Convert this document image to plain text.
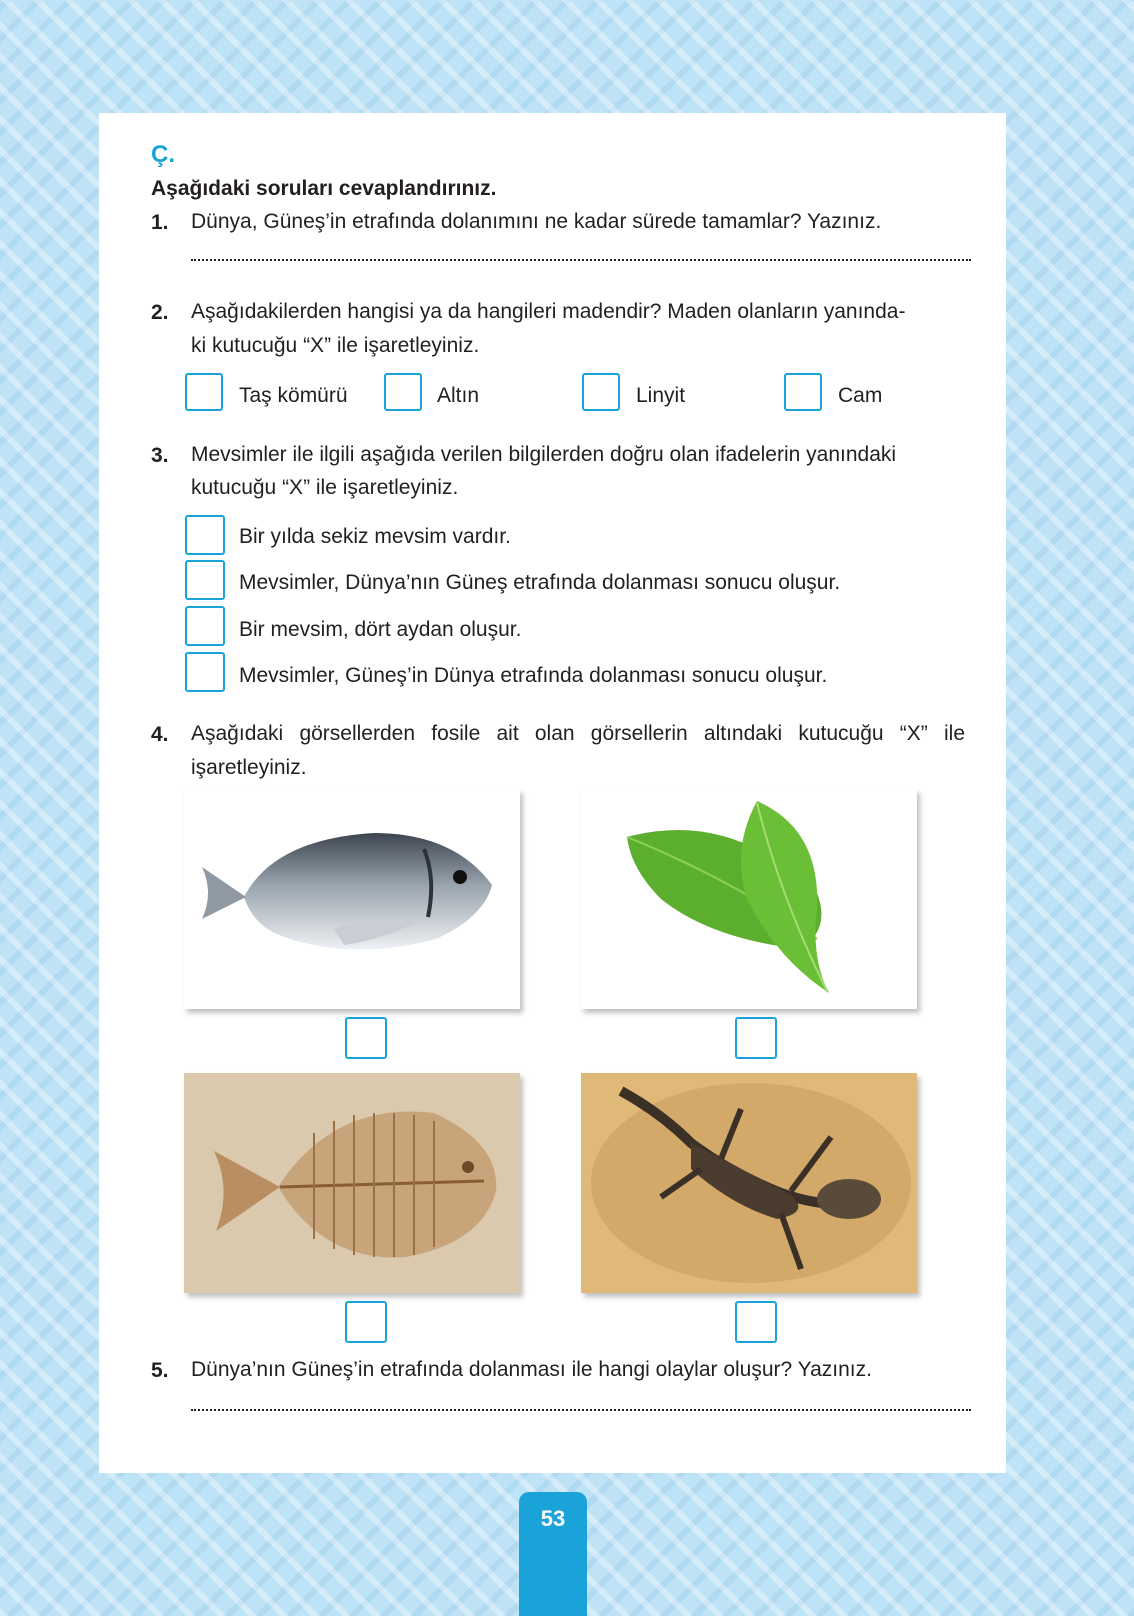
Ç.
Aşağıdaki soruları cevaplandırınız.
1. Dünya, Güneş’in etrafında dolanımını ne kadar sürede tamamlar? Yazınız.
2. Aşağıdakilerden hangisi ya da hangileri madendir? Maden olanların yanında-
ki kutucuğu “X” ile işaretleyiniz.
Taş kömürü	Altın	Linyit	Cam
3. Mevsimler ile ilgili aşağıda verilen bilgilerden doğru olan ifadelerin yanındaki
kutucuğu “X” ile işaretleyiniz.
Bir yılda sekiz mevsim vardır.
Mevsimler, Dünya’nın Güneş etrafında dolanması sonucu oluşur.
Bir mevsim, dört aydan oluşur.
Mevsimler, Güneş’in Dünya etrafında dolanması sonucu oluşur.
4. Aşağıdaki görsellerden fosile ait olan görsellerin altındaki kutucuğu “X” ile
işaretleyiniz.
5. Dünya’nın Güneş’in etrafında dolanması ile hangi olaylar oluşur? Yazınız.
53
